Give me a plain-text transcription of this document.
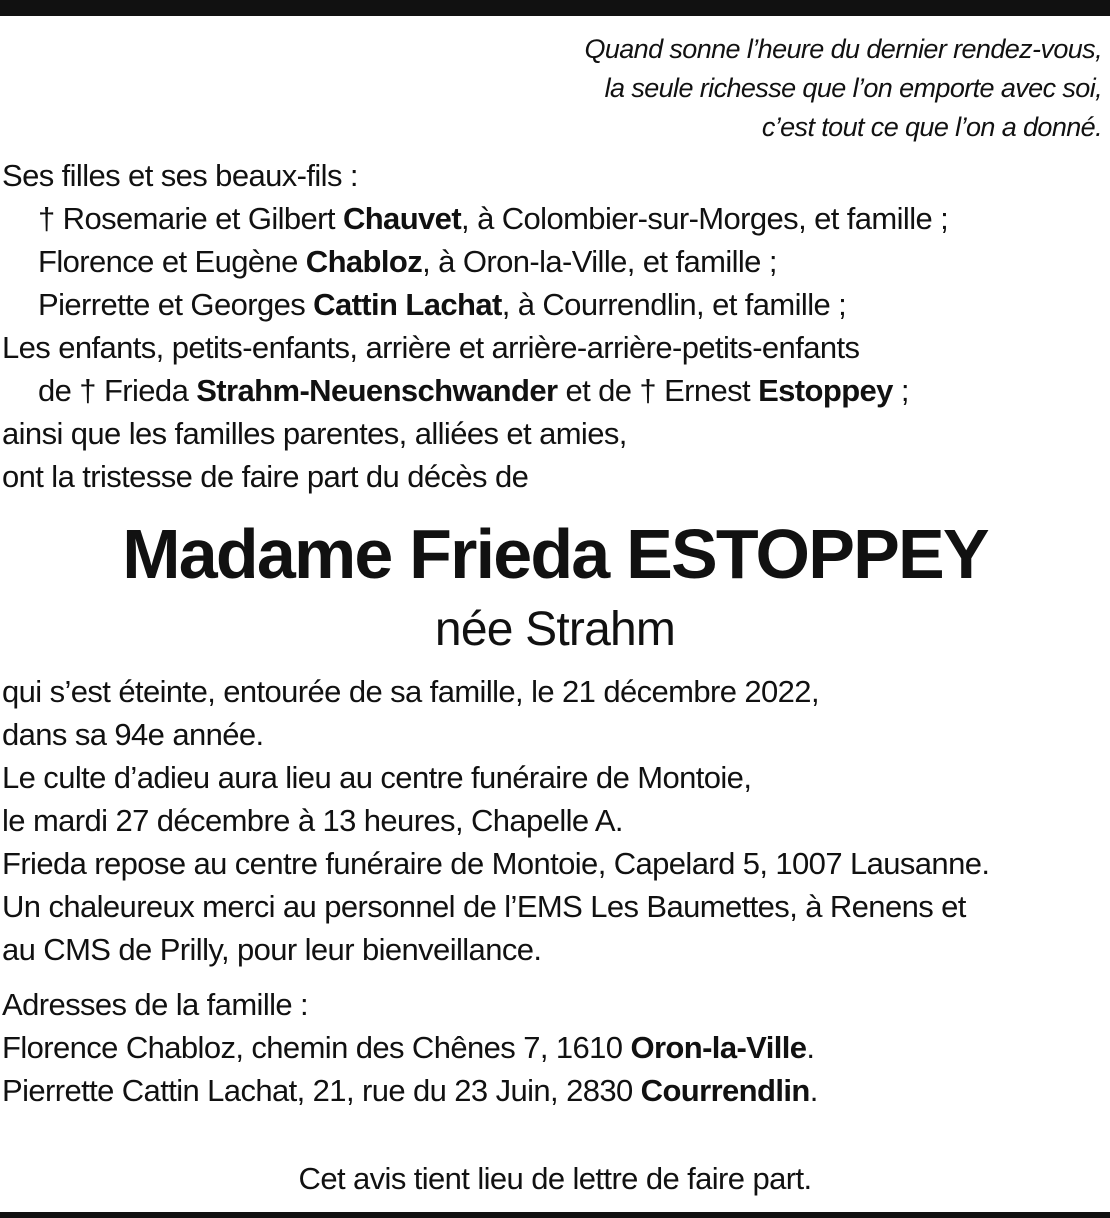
Quand sonne l’heure du dernier rendez-vous,
la seule richesse que l’on emporte avec soi,
c’est tout ce que l’on a donné.
Ses filles et ses beaux-fils :
† Rosemarie et Gilbert Chauvet, à Colombier-sur-Morges, et famille ;
Florence et Eugène Chabloz, à Oron-la-Ville, et famille ;
Pierrette et Georges Cattin Lachat, à Courrendlin, et famille ;
Les enfants, petits-enfants, arrière et arrière-arrière-petits-enfants
de † Frieda Strahm-Neuenschwander et de † Ernest Estoppey ;
ainsi que les familles parentes, alliées et amies,
ont la tristesse de faire part du décès de
Madame Frieda ESTOPPEY
née Strahm
qui s’est éteinte, entourée de sa famille, le 21 décembre 2022,
dans sa 94e année.
Le culte d’adieu aura lieu au centre funéraire de Montoie,
le mardi 27 décembre à 13 heures, Chapelle A.
Frieda repose au centre funéraire de Montoie, Capelard 5, 1007 Lausanne.
Un chaleureux merci au personnel de l’EMS Les Baumettes, à Renens et
au CMS de Prilly, pour leur bienveillance.
Adresses de la famille :
Florence Chabloz, chemin des Chênes 7, 1610 Oron-la-Ville.
Pierrette Cattin Lachat, 21, rue du 23 Juin, 2830 Courrendlin.
Cet avis tient lieu de lettre de faire part.
